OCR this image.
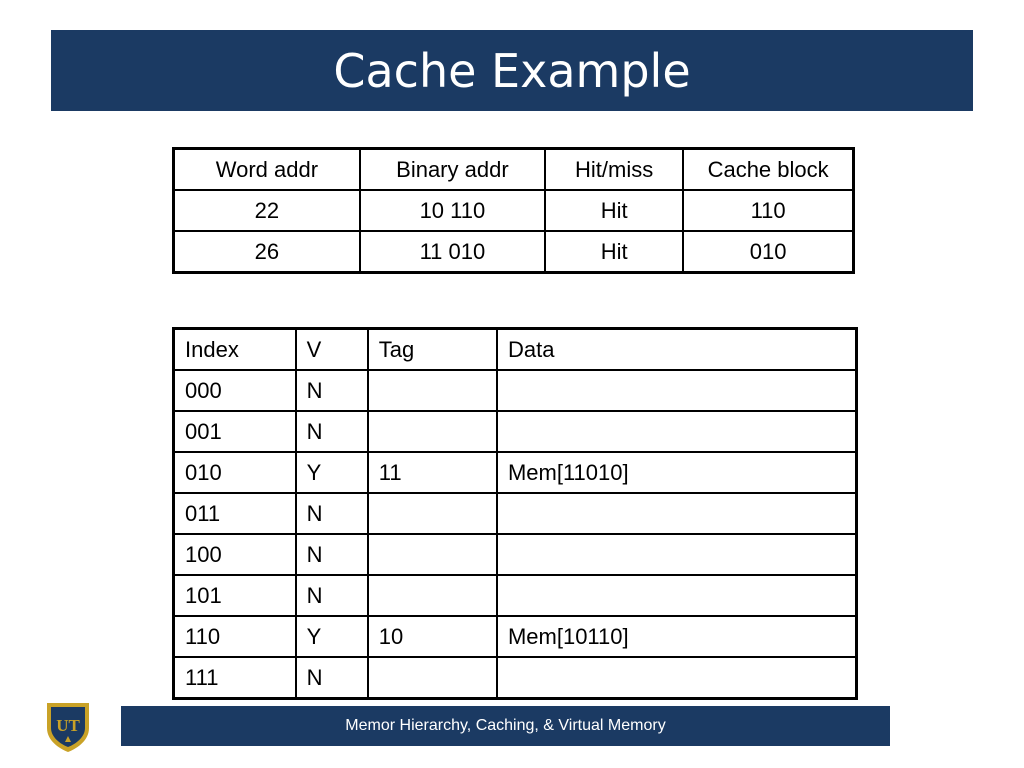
Cache Example
Word addr	Binary addr	Hit/miss	Cache block
22	10 110	Hit	110
26	11 010	Hit	010
Index	V	Tag	Data
000	N		
001	N		
010	Y	11	Mem[11010]
011	N		
100	N		
101	N		
110	Y	10	Mem[10110]
111	N		
UT	Memor Hierarchy, Caching, & Virtual Memory
